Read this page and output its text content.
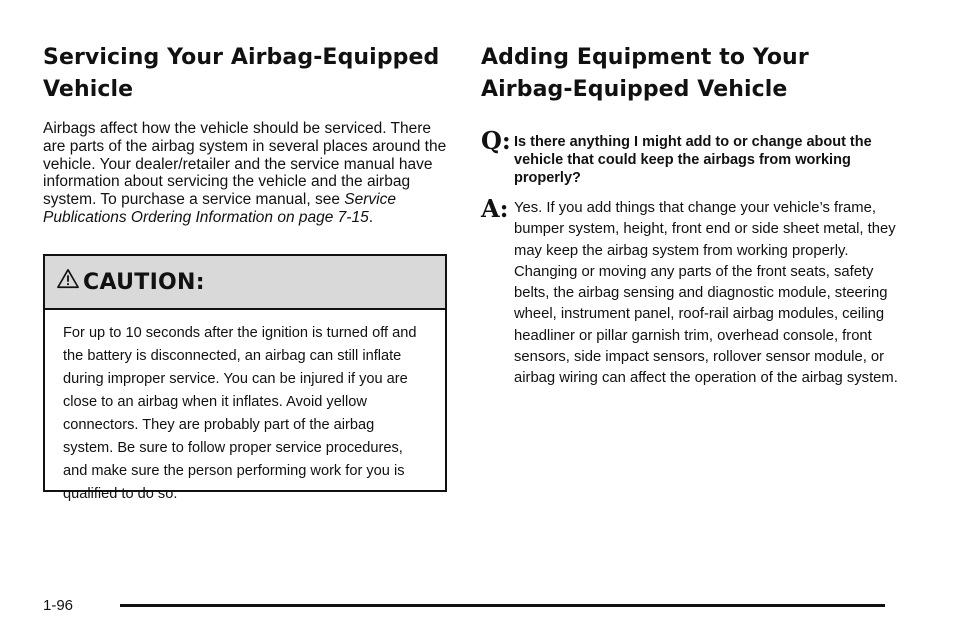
Servicing Your Airbag-Equipped
Vehicle

Airbags affect how the vehicle should be serviced. There are parts of the airbag system in several places around the vehicle. Your dealer/retailer and the service manual have information about servicing the vehicle and the airbag system. To purchase a service manual, see Service Publications Ordering Information on page 7-15.

CAUTION:

For up to 10 seconds after the ignition is turned off and the battery is disconnected, an airbag can still inflate during improper service. You can be injured if you are close to an airbag when it inflates. Avoid yellow connectors. They are probably part of the airbag system. Be sure to follow proper service procedures, and make sure the person performing work for you is qualified to do so.

Adding Equipment to Your
Airbag-Equipped Vehicle
Q: Is there anything I might add to or change about the vehicle that could keep the airbags from working properly?
A: Yes. If you add things that change your vehicle’s frame, bumper system, height, front end or side sheet metal, they may keep the airbag system from working properly. Changing or moving any parts of the front seats, safety belts, the airbag sensing and diagnostic module, steering wheel, instrument panel, roof-rail airbag modules, ceiling headliner or pillar garnish trim, overhead console, front sensors, side impact sensors, rollover sensor module, or airbag wiring can affect the operation of the airbag system.
1-96
